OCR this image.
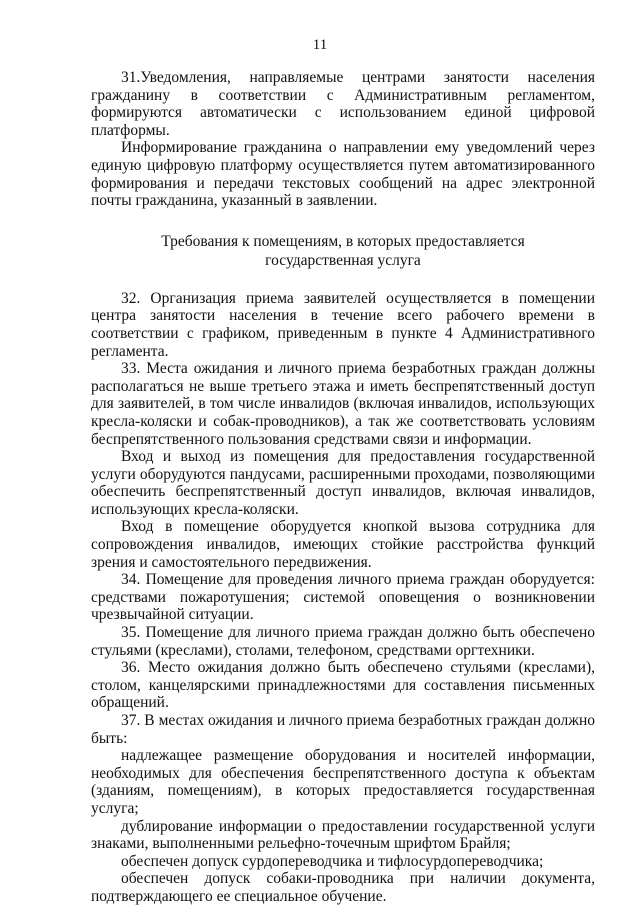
11

31.Уведомления, направляемые центрами занятости населения гражданину в соответствии с Административным регламентом, формируются автоматически с использованием единой цифровой платформы.

Информирование гражданина о направлении ему уведомлений через единую цифровую платформу осуществляется путем автоматизированного формирования и передачи текстовых сообщений на адрес электронной почты гражданина, указанный в заявлении.

Требования к помещениям, в которых предоставляется
государственная услуга

32. Организация приема заявителей осуществляется в помещении центра занятости населения в течение всего рабочего времени в соответствии с графиком, приведенным в пункте 4 Административного регламента.

33. Места ожидания и личного приема безработных граждан должны располагаться не выше третьего этажа и иметь беспрепятственный доступ для заявителей, в том числе инвалидов (включая инвалидов, использующих кресла-коляски и собак-проводников), а так же соответствовать условиям беспрепятственного пользования средствами связи и информации.

Вход и выход из помещения для предоставления государственной услуги оборудуются пандусами, расширенными проходами, позволяющими обеспечить беспрепятственный доступ инвалидов, включая инвалидов, использующих кресла-коляски.

Вход в помещение оборудуется кнопкой вызова сотрудника для сопровождения инвалидов, имеющих стойкие расстройства функций зрения и самостоятельного передвижения.

34. Помещение для проведения личного приема граждан оборудуется: средствами пожаротушения; системой оповещения о возникновении чрезвычайной ситуации.

35. Помещение для личного приема граждан должно быть обеспечено стульями (креслами), столами, телефоном, средствами оргтехники.

36. Место ожидания должно быть обеспечено стульями (креслами), столом, канцелярскими принадлежностями для составления письменных обращений.

37. В местах ожидания и личного приема безработных граждан должно быть:

надлежащее размещение оборудования и носителей информации, необходимых для обеспечения беспрепятственного доступа к объектам (зданиям, помещениям), в которых предоставляется государственная услуга;

дублирование информации о предоставлении государственной услуги знаками, выполненными рельефно-точечным шрифтом Брайля;

обеспечен допуск сурдопереводчика и тифлосурдопереводчика;

обеспечен допуск собаки-проводника при наличии документа, подтверждающего ее специальное обучение.
